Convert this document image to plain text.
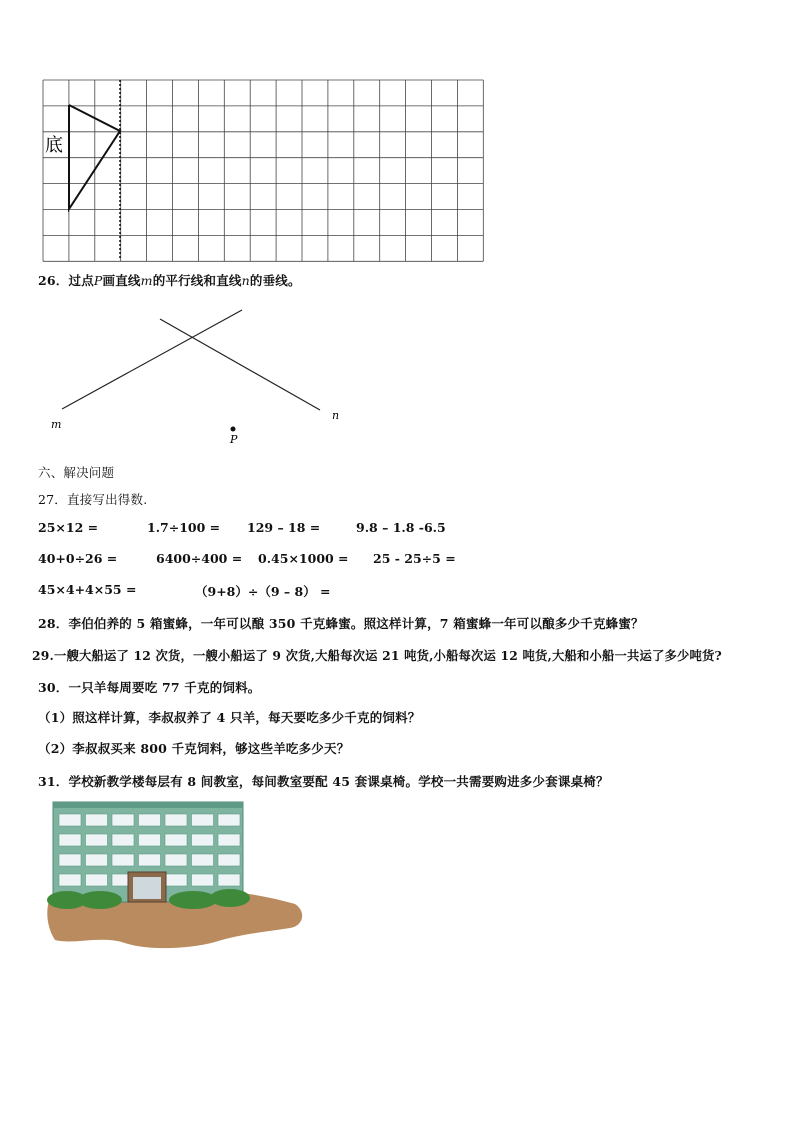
底
26．过点P画直线m的平行线和直线n的垂线。
m
n
P
六、解决问题
27．直接写出得数.
25×12 =	1.7÷100 = 129 – 18 =	9.8 – 1.8 -6.5
40+0÷26 =	6400÷400 = 0.45×1000 = 25 - 25÷5 =
45×4+4×55 =	（9+8）÷（9 – 8） =
28．李伯伯养的 5 箱蜜蜂，一年可以酿 350 千克蜂蜜。照这样计算，7 箱蜜蜂一年可以酿多少千克蜂蜜？
29.一艘大船运了 12 次货，一艘小船运了 9 次货,大船每次运 21 吨货,小船每次运 12 吨货,大船和小船一共运了多少吨货?
30．一只羊每周要吃 77 千克的饲料。
（1）照这样计算，李叔叔养了 4 只羊，每天要吃多少千克的饲料？
（2）李叔叔买来 800 千克饲料，够这些羊吃多少天？
31．学校新教学楼每层有 8 间教室，每间教室要配 45 套课桌椅。学校一共需要购进多少套课桌椅？
